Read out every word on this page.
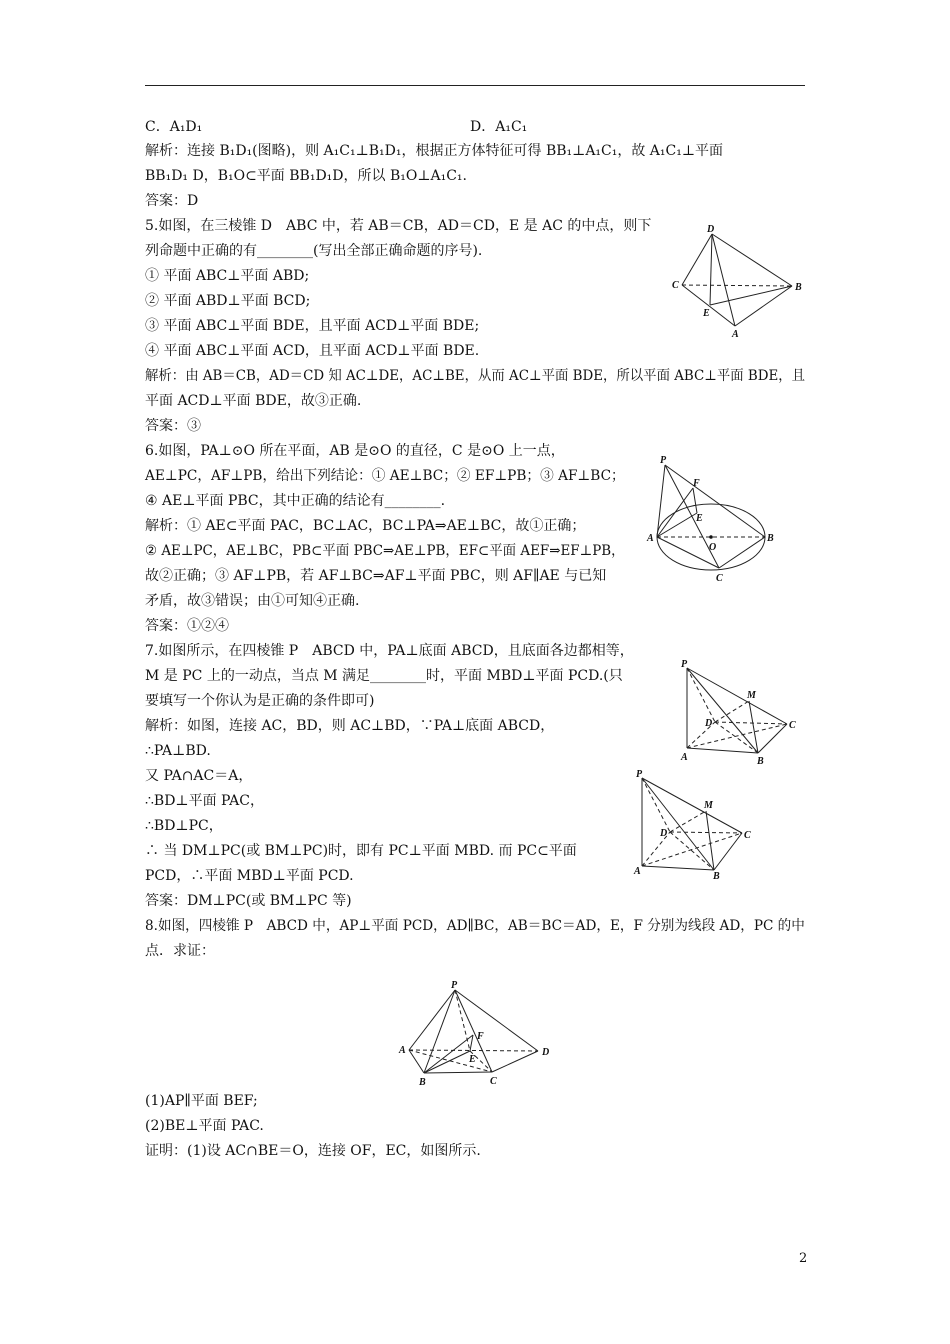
C．A₁D₁
解析：连接 B₁D₁(图略)，则 A₁C₁⊥B₁D₁，根据正方体特征可得 BB₁⊥A₁C₁，故 A₁C₁⊥平面
BB₁D₁ D，B₁O⊂平面 BB₁D₁D，所以 B₁O⊥A₁C₁.
答案：D
5.如图，在三棱锥 D　ABC 中，若 AB＝CB，AD＝CD，E 是 AC 的中点，则下
列命题中正确的有________(写出全部正确命题的序号).
① 平面 ABC⊥平面 ABD;
② 平面 ABD⊥平面 BCD;
③ 平面 ABC⊥平面 BDE，且平面 ACD⊥平面 BDE;
④ 平面 ABC⊥平面 ACD，且平面 ACD⊥平面 BDE.
解析：由 AB＝CB，AD＝CD 知 AC⊥DE，AC⊥BE，从而 AC⊥平面 BDE，所以平面 ABC⊥平面 BDE，且
平面 ACD⊥平面 BDE，故③正确.
答案：③
6.如图，PA⊥⊙O 所在平面，AB 是⊙O 的直径，C 是⊙O 上一点，
AE⊥PC，AF⊥PB，给出下列结论：① AE⊥BC；② EF⊥PB；③ AF⊥BC；
④ AE⊥平面 PBC，其中正确的结论有________.
解析：① AE⊂平面 PAC，BC⊥AC，BC⊥PA⇒AE⊥BC，故①正确；
② AE⊥PC，AE⊥BC，PB⊂平面 PBC⇒AE⊥PB，EF⊂平面 AEF⇒EF⊥PB，
故②正确；③ AF⊥PB，若 AF⊥BC⇒AF⊥平面 PBC，则 AF∥AE 与已知
矛盾，故③错误；由①可知④正确.
答案：①②④
7.如图所示，在四棱锥 P　ABCD 中，PA⊥底面 ABCD，且底面各边都相等，
M 是 PC 上的一动点，当点 M 满足________时，平面 MBD⊥平面 PCD.(只
要填写一个你认为是正确的条件即可)
解析：如图，连接 AC，BD，则 AC⊥BD，∵PA⊥底面 ABCD，
∴PA⊥BD.
又 PA∩AC＝A，
∴BD⊥平面 PAC，
∴BD⊥PC，
∴ 当 DM⊥PC(或 BM⊥PC)时，即有 PC⊥平面 MBD. 而 PC⊂平面
PCD，∴平面 MBD⊥平面 PCD.
答案：DM⊥PC(或 BM⊥PC 等)
8.如图，四棱锥 P　ABCD 中，AP⊥平面 PCD，AD∥BC，AB＝BC＝AD，E，F 分别为线段 AD，PC 的中
点．求证：
(1)AP∥平面 BEF;
(2)BE⊥平面 PAC.
证明：(1)设 AC∩BE＝O，连接 OF，EC，如图所示.
D．A₁C₁
D
C	B
E
A
P
F
E
A
O
B
C
P
M
D	C
A	B
P
M
D	C
A	B
P
F
A
E
D
B	C
2
